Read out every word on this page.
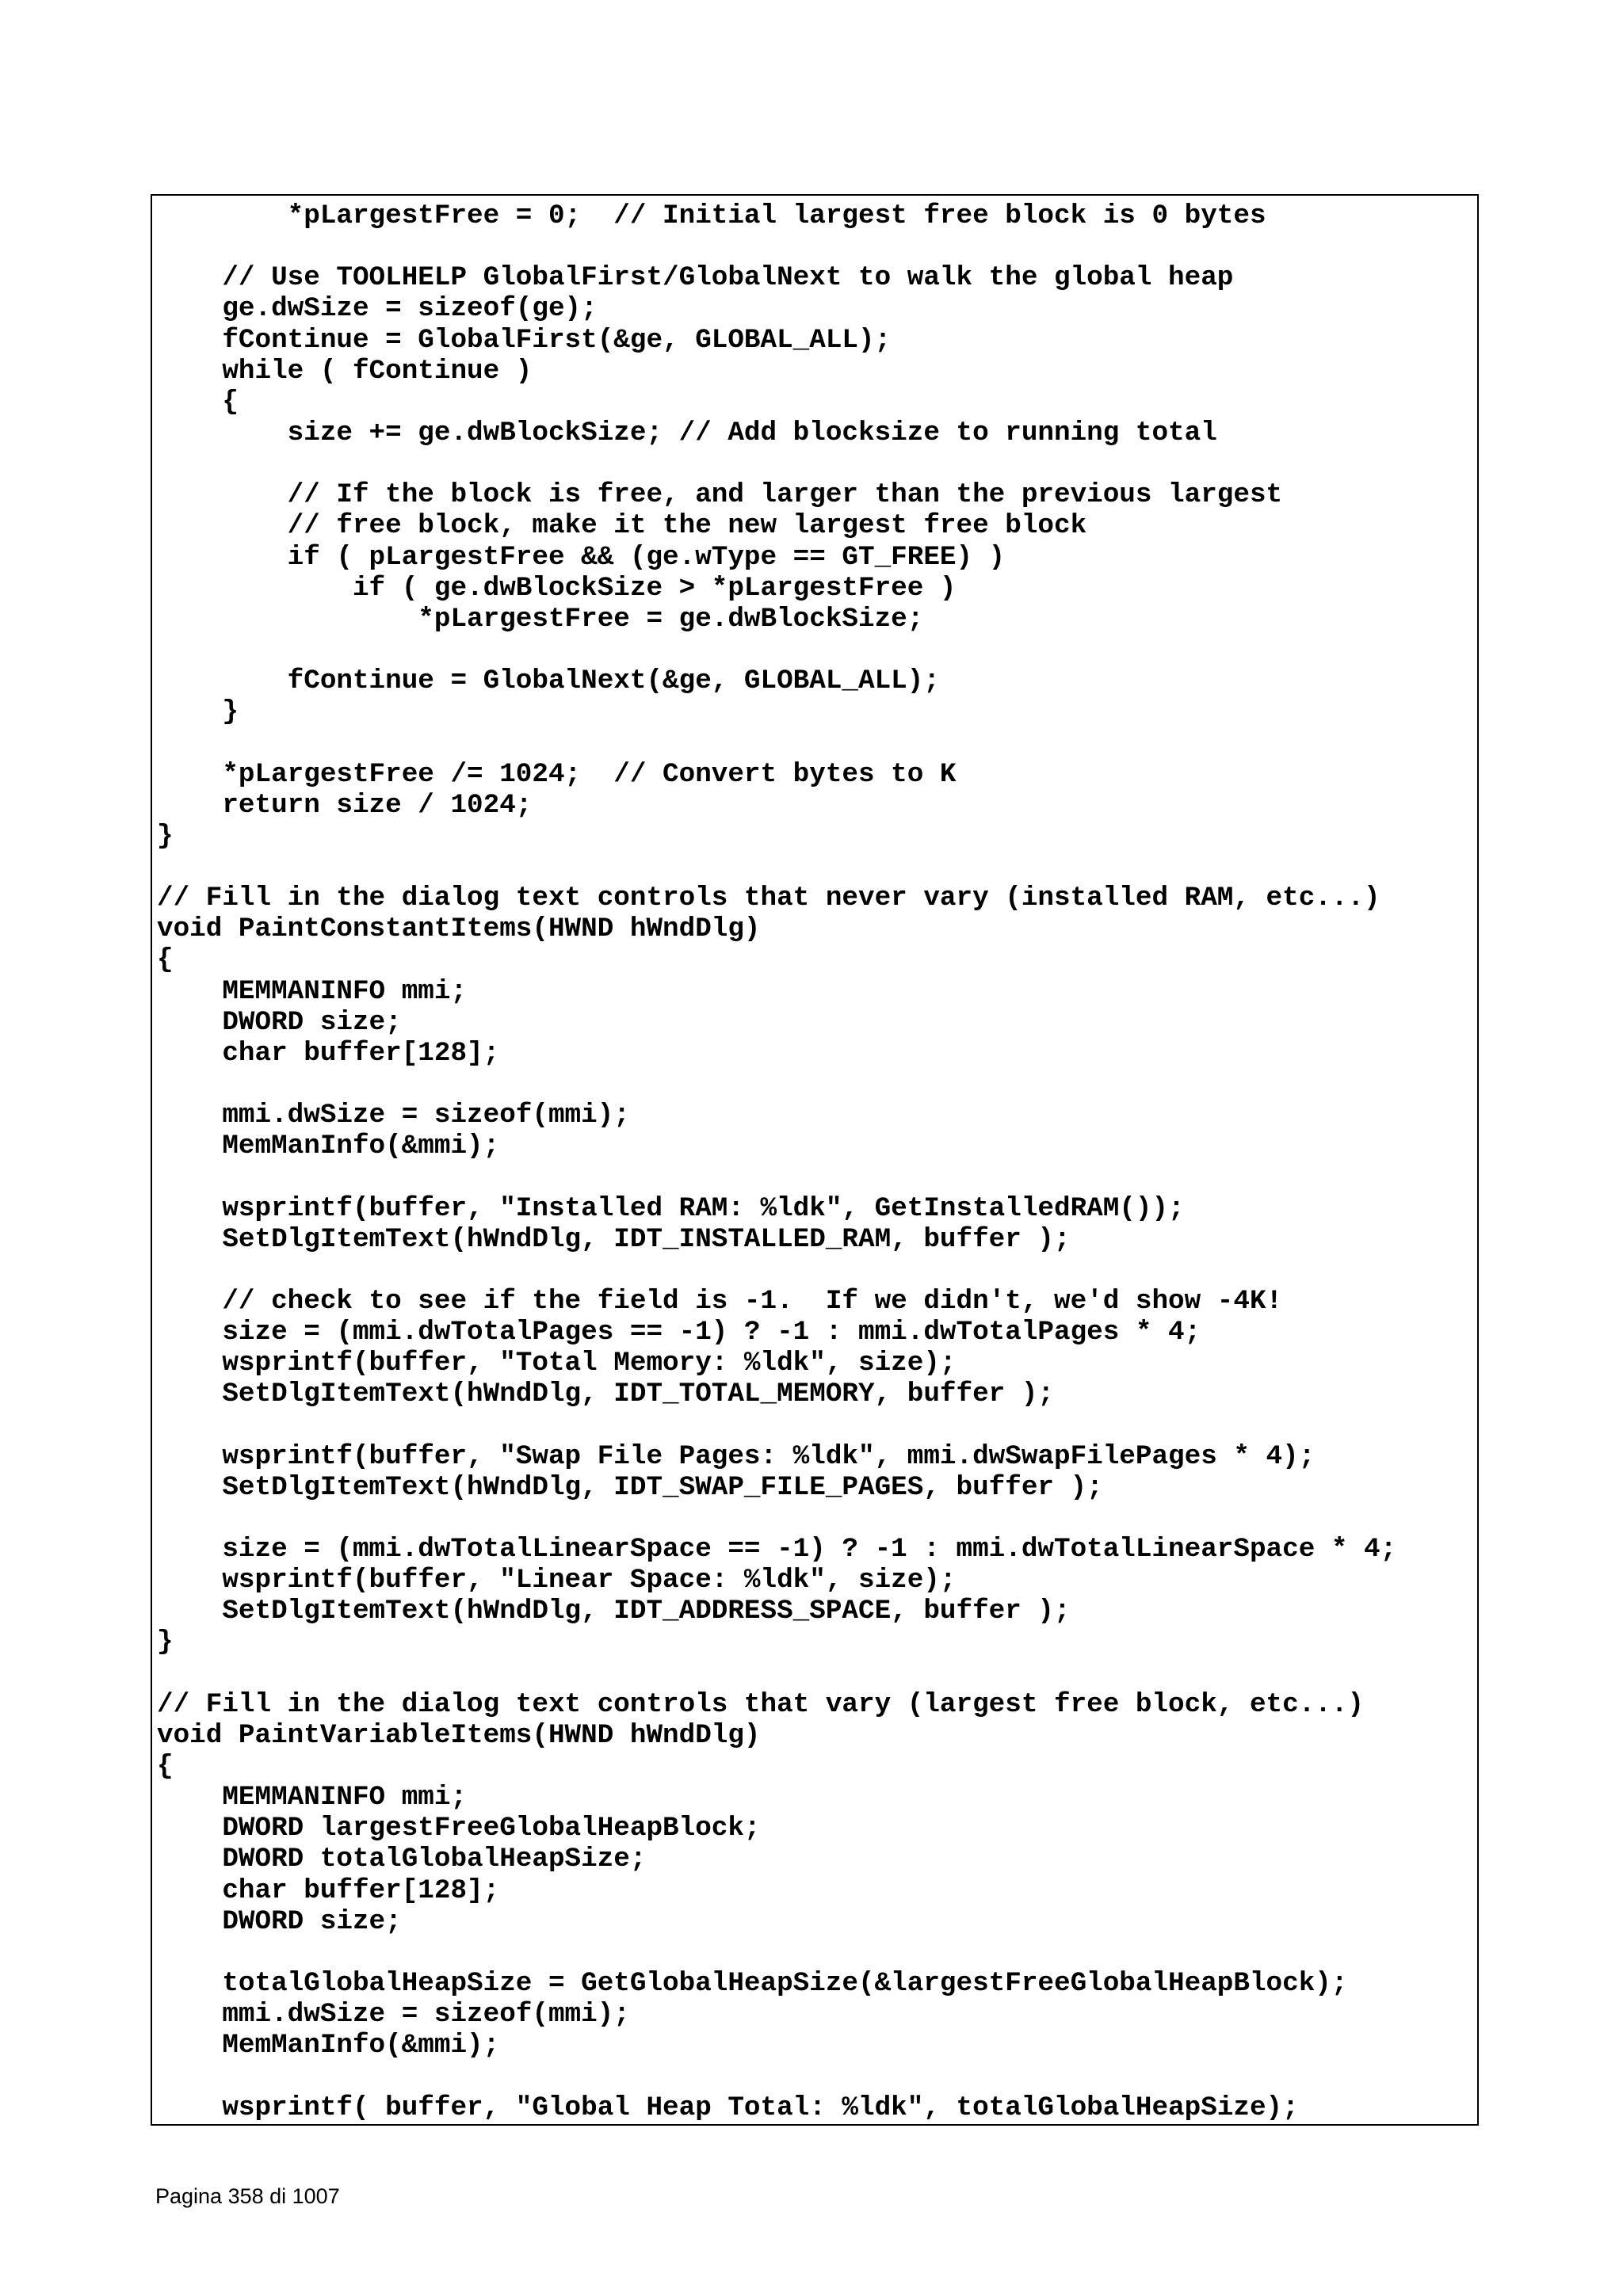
*pLargestFree = 0;  // Initial largest free block is 0 bytes
// Use TOOLHELP GlobalFirst/GlobalNext to walk the global heap
ge.dwSize = sizeof(ge);
fContinue = GlobalFirst(&ge, GLOBAL_ALL);
while ( fContinue )
{
size += ge.dwBlockSize; // Add blocksize to running total
// If the block is free, and larger than the previous largest
// free block, make it the new largest free block
if ( pLargestFree && (ge.wType == GT_FREE) )
if ( ge.dwBlockSize > *pLargestFree )
*pLargestFree = ge.dwBlockSize;
fContinue = GlobalNext(&ge, GLOBAL_ALL);
}
*pLargestFree /= 1024;  // Convert bytes to K
return size / 1024;
}
// Fill in the dialog text controls that never vary (installed RAM, etc...)
void PaintConstantItems(HWND hWndDlg)
{
MEMMANINFO mmi;
DWORD size;
char buffer[128];
mmi.dwSize = sizeof(mmi);
MemManInfo(&mmi);
wsprintf(buffer, "Installed RAM: %ldk", GetInstalledRAM());
SetDlgItemText(hWndDlg, IDT_INSTALLED_RAM, buffer );
// check to see if the field is -1.  If we didn't, we'd show -4K!
size = (mmi.dwTotalPages == -1) ? -1 : mmi.dwTotalPages * 4;
wsprintf(buffer, "Total Memory: %ldk", size);
SetDlgItemText(hWndDlg, IDT_TOTAL_MEMORY, buffer );
wsprintf(buffer, "Swap File Pages: %ldk", mmi.dwSwapFilePages * 4);
SetDlgItemText(hWndDlg, IDT_SWAP_FILE_PAGES, buffer );
size = (mmi.dwTotalLinearSpace == -1) ? -1 : mmi.dwTotalLinearSpace * 4;
wsprintf(buffer, "Linear Space: %ldk", size);
SetDlgItemText(hWndDlg, IDT_ADDRESS_SPACE, buffer );
}
// Fill in the dialog text controls that vary (largest free block, etc...)
void PaintVariableItems(HWND hWndDlg)
{
MEMMANINFO mmi;
DWORD largestFreeGlobalHeapBlock;
DWORD totalGlobalHeapSize;
char buffer[128];
DWORD size;
totalGlobalHeapSize = GetGlobalHeapSize(&largestFreeGlobalHeapBlock);
mmi.dwSize = sizeof(mmi);
MemManInfo(&mmi);
wsprintf( buffer, "Global Heap Total: %ldk", totalGlobalHeapSize);
Pagina 358 di 1007
